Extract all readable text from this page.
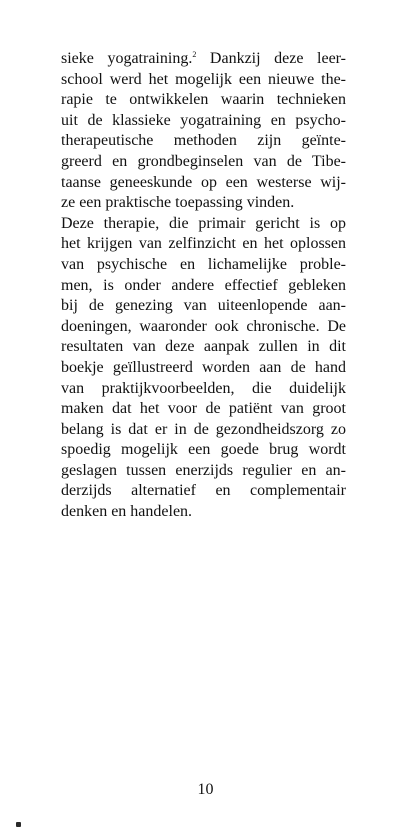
sieke yogatraining.$^2$ Dankzij deze leer-
school werd het mogelijk een nieuwe the-
rapie te ontwikkelen waarin technieken
uit de klassieke yogatraining en psycho-
therapeutische methoden zijn geïnte-
greerd en grondbeginselen van de Tibe-
taanse geneeskunde op een westerse wij-
ze een praktische toepassing vinden.
Deze therapie, die primair gericht is op
het krijgen van zelfinzicht en het oplossen
van psychische en lichamelijke proble-
men, is onder andere effectief gebleken
bij de genezing van uiteenlopende aan-
doeningen, waaronder ook chronische. De
resultaten van deze aanpak zullen in dit
boekje geïllustreerd worden aan de hand
van praktijkvoorbeelden, die duidelijk
maken dat het voor de patiënt van groot
belang is dat er in de gezondheidszorg zo
spoedig mogelijk een goede brug wordt
geslagen tussen enerzijds regulier en an-
derzijds alternatief en complementair
denken en handelen.
10
